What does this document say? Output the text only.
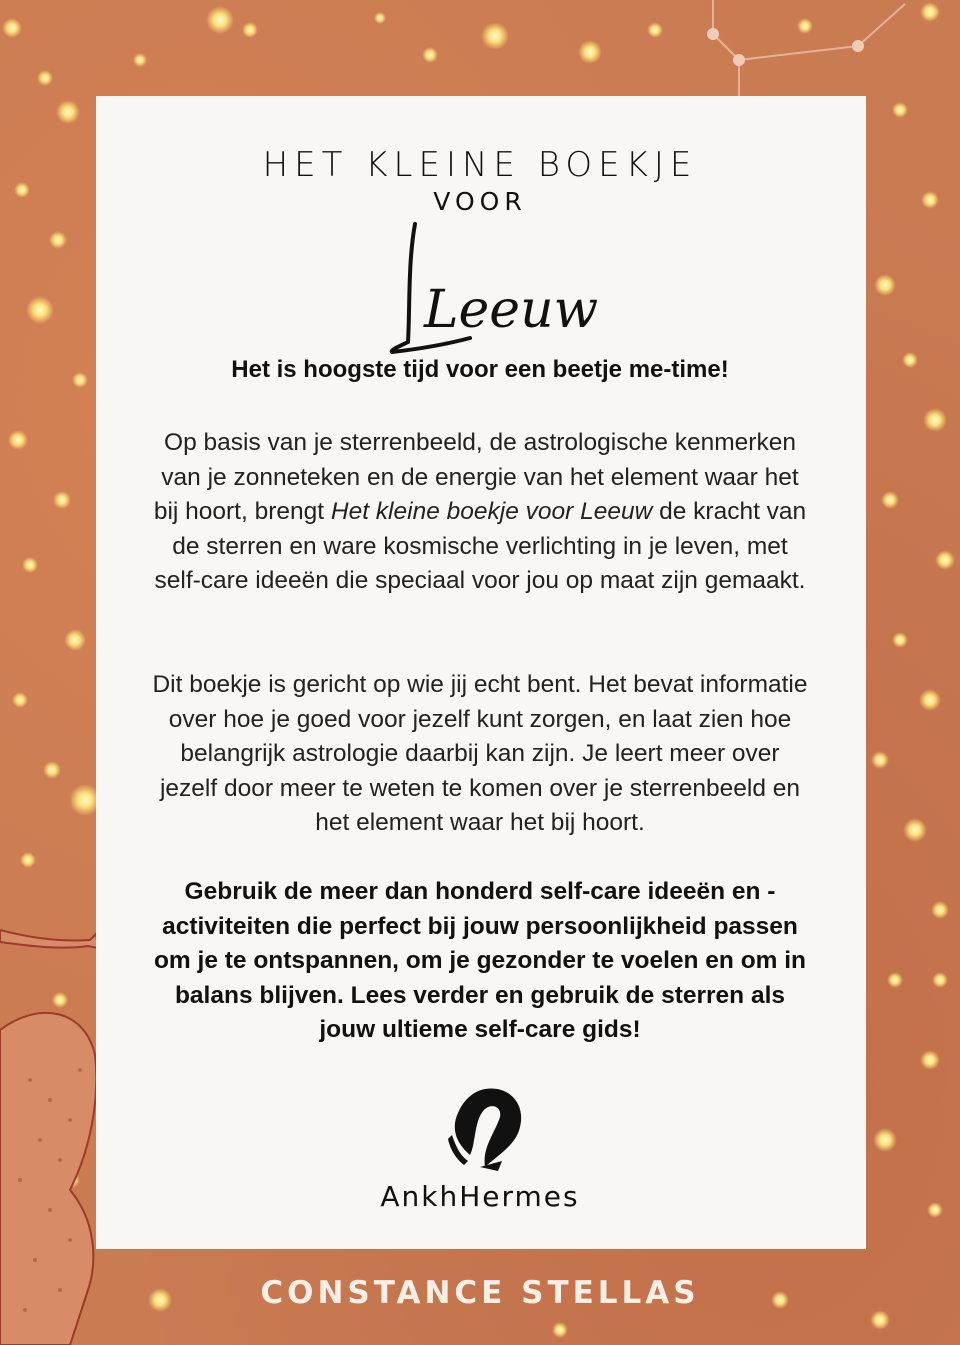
HET KLEINE BOEKJE
VOOR
Leeuw
Het is hoogste tijd voor een beetje me-time!
Op basis van je sterrenbeeld, de astrologische kenmerken van je zonneteken en de energie van het element waar het bij hoort, brengt Het kleine boekje voor Leeuw de kracht van de sterren en ware kosmische verlichting in je leven, met self-care ideeën die speciaal voor jou op maat zijn gemaakt.
Dit boekje is gericht op wie jij echt bent. Het bevat informatie over hoe je goed voor jezelf kunt zorgen, en laat zien hoe belangrijk astrologie daarbij kan zijn. Je leert meer over jezelf door meer te weten te komen over je sterrenbeeld en het element waar het bij hoort.
Gebruik de meer dan honderd self-care ideeën en -activiteiten die perfect bij jouw persoonlijkheid passen om je te ontspannen, om je gezonder te voelen en om in balans blijven. Lees verder en gebruik de sterren als jouw ultieme self-care gids!
AnkhHermes
CONSTANCE STELLAS
